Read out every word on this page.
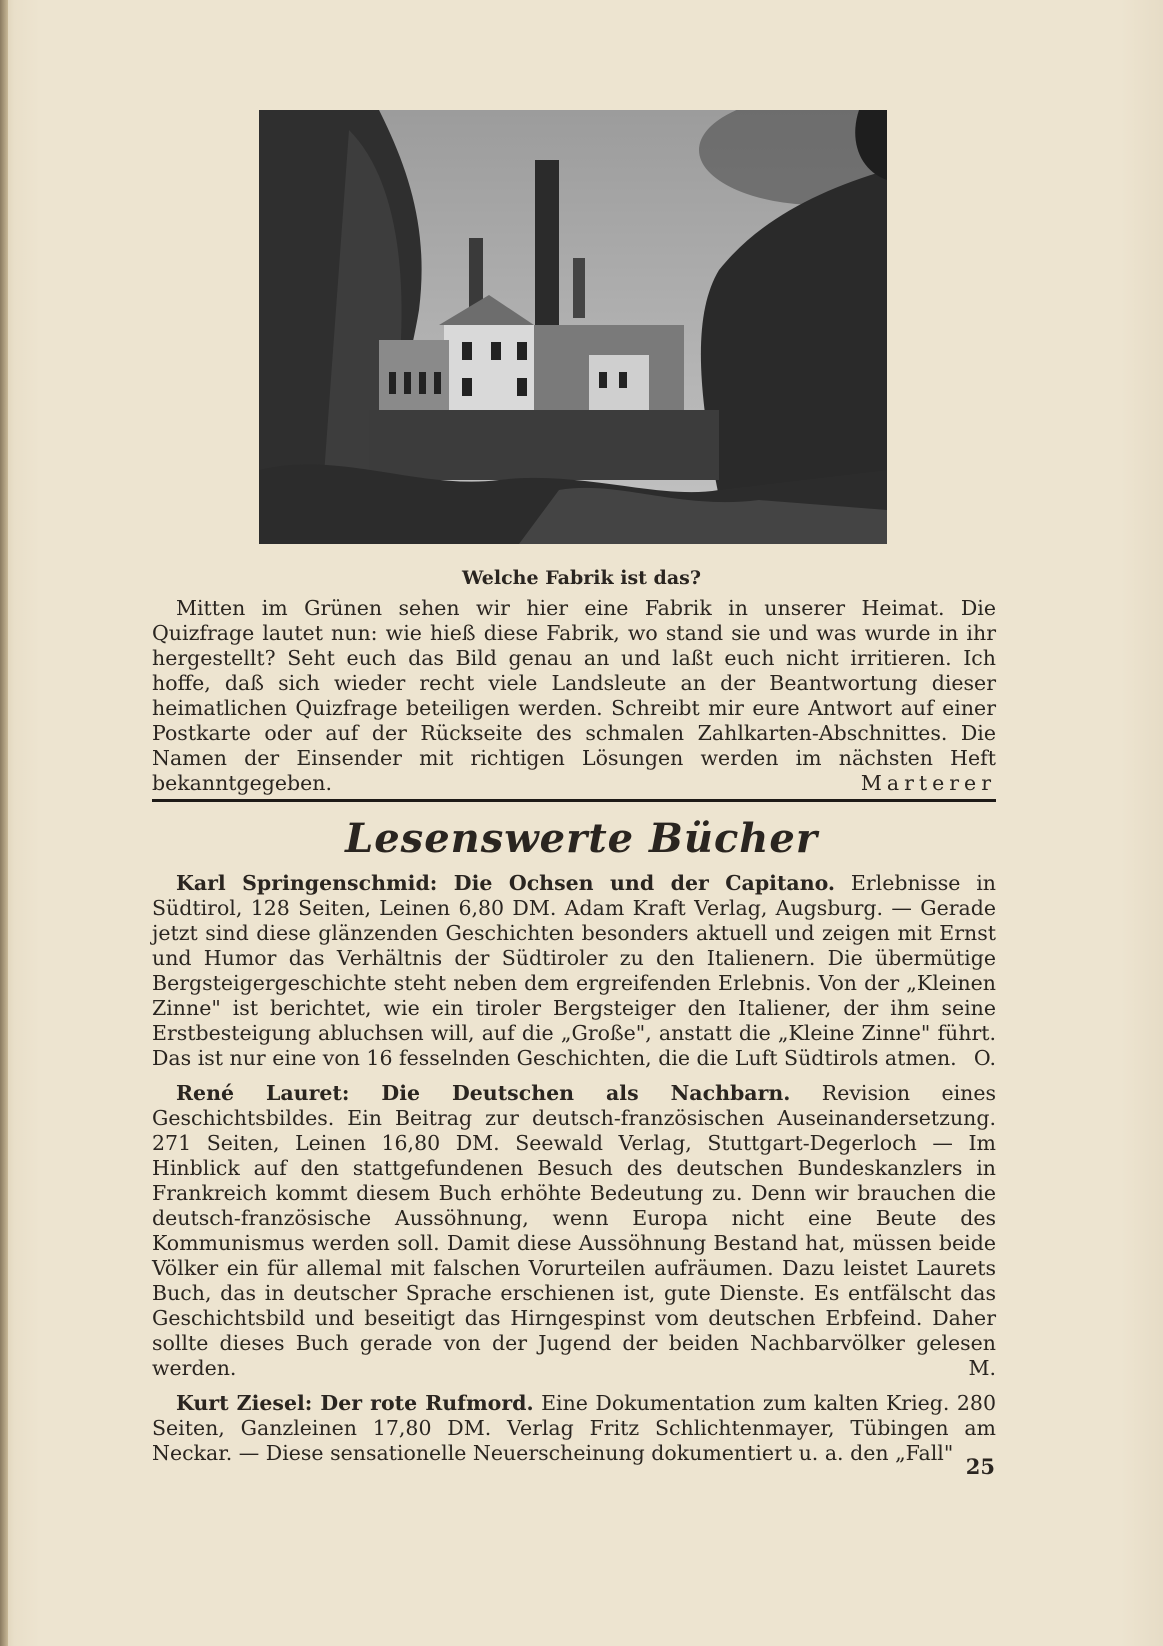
Welche Fabrik ist das?
Mitten im Grünen sehen wir hier eine Fabrik in unserer Heimat. Die Quizfrage lautet nun: wie hieß diese Fabrik, wo stand sie und was wurde in ihr hergestellt? Seht euch das Bild genau an und laßt euch nicht irritieren. Ich hoffe, daß sich wieder recht viele Landsleute an der Beantwortung dieser heimatlichen Quizfrage beteiligen werden. Schreibt mir eure Antwort auf einer Postkarte oder auf der Rückseite des schmalen Zahlkarten-Abschnittes. Die Namen der Einsender mit richtigen Lösungen werden im nächsten Heft bekanntgegeben.	Marterer
Lesenswerte Bücher

Karl Springenschmid: Die Ochsen und der Capitano. Erlebnisse in Südtirol, 128 Seiten, Leinen 6,80 DM. Adam Kraft Verlag, Augsburg. — Gerade jetzt sind diese glänzenden Geschichten besonders aktuell und zeigen mit Ernst und Humor das Verhältnis der Südtiroler zu den Italienern. Die übermütige Bergsteigergeschichte steht neben dem ergreifenden Erlebnis. Von der „Kleinen Zinne" ist berichtet, wie ein tiroler Bergsteiger den Italiener, der ihm seine Erstbesteigung abluchsen will, auf die „Große", anstatt die „Kleine Zinne" führt. Das ist nur eine von 16 fesselnden Geschichten, die die Luft Südtirols atmen. O.

René Lauret: Die Deutschen als Nachbarn. Revision eines Geschichtsbildes. Ein Beitrag zur deutsch-französischen Auseinandersetzung. 271 Seiten, Leinen 16,80 DM. Seewald Verlag, Stuttgart-Degerloch — Im Hinblick auf den stattgefundenen Besuch des deutschen Bundeskanzlers in Frankreich kommt diesem Buch erhöhte Bedeutung zu. Denn wir brauchen die deutsch-französische Aussöhnung, wenn Europa nicht eine Beute des Kommunismus werden soll. Damit diese Aussöhnung Bestand hat, müssen beide Völker ein für allemal mit falschen Vorurteilen aufräumen. Dazu leistet Laurets Buch, das in deutscher Sprache erschienen ist, gute Dienste. Es entfälscht das Geschichtsbild und beseitigt das Hirngespinst vom deutschen Erbfeind. Daher sollte dieses Buch gerade von der Jugend der beiden Nachbarvölker gelesen werden.	M.

Kurt Ziesel: Der rote Rufmord. Eine Dokumentation zum kalten Krieg. 280 Seiten, Ganzleinen 17,80 DM. Verlag Fritz Schlichtenmayer, Tübingen am Neckar. — Diese sensationelle Neuerscheinung dokumentiert u. a. den „Fall"

25
